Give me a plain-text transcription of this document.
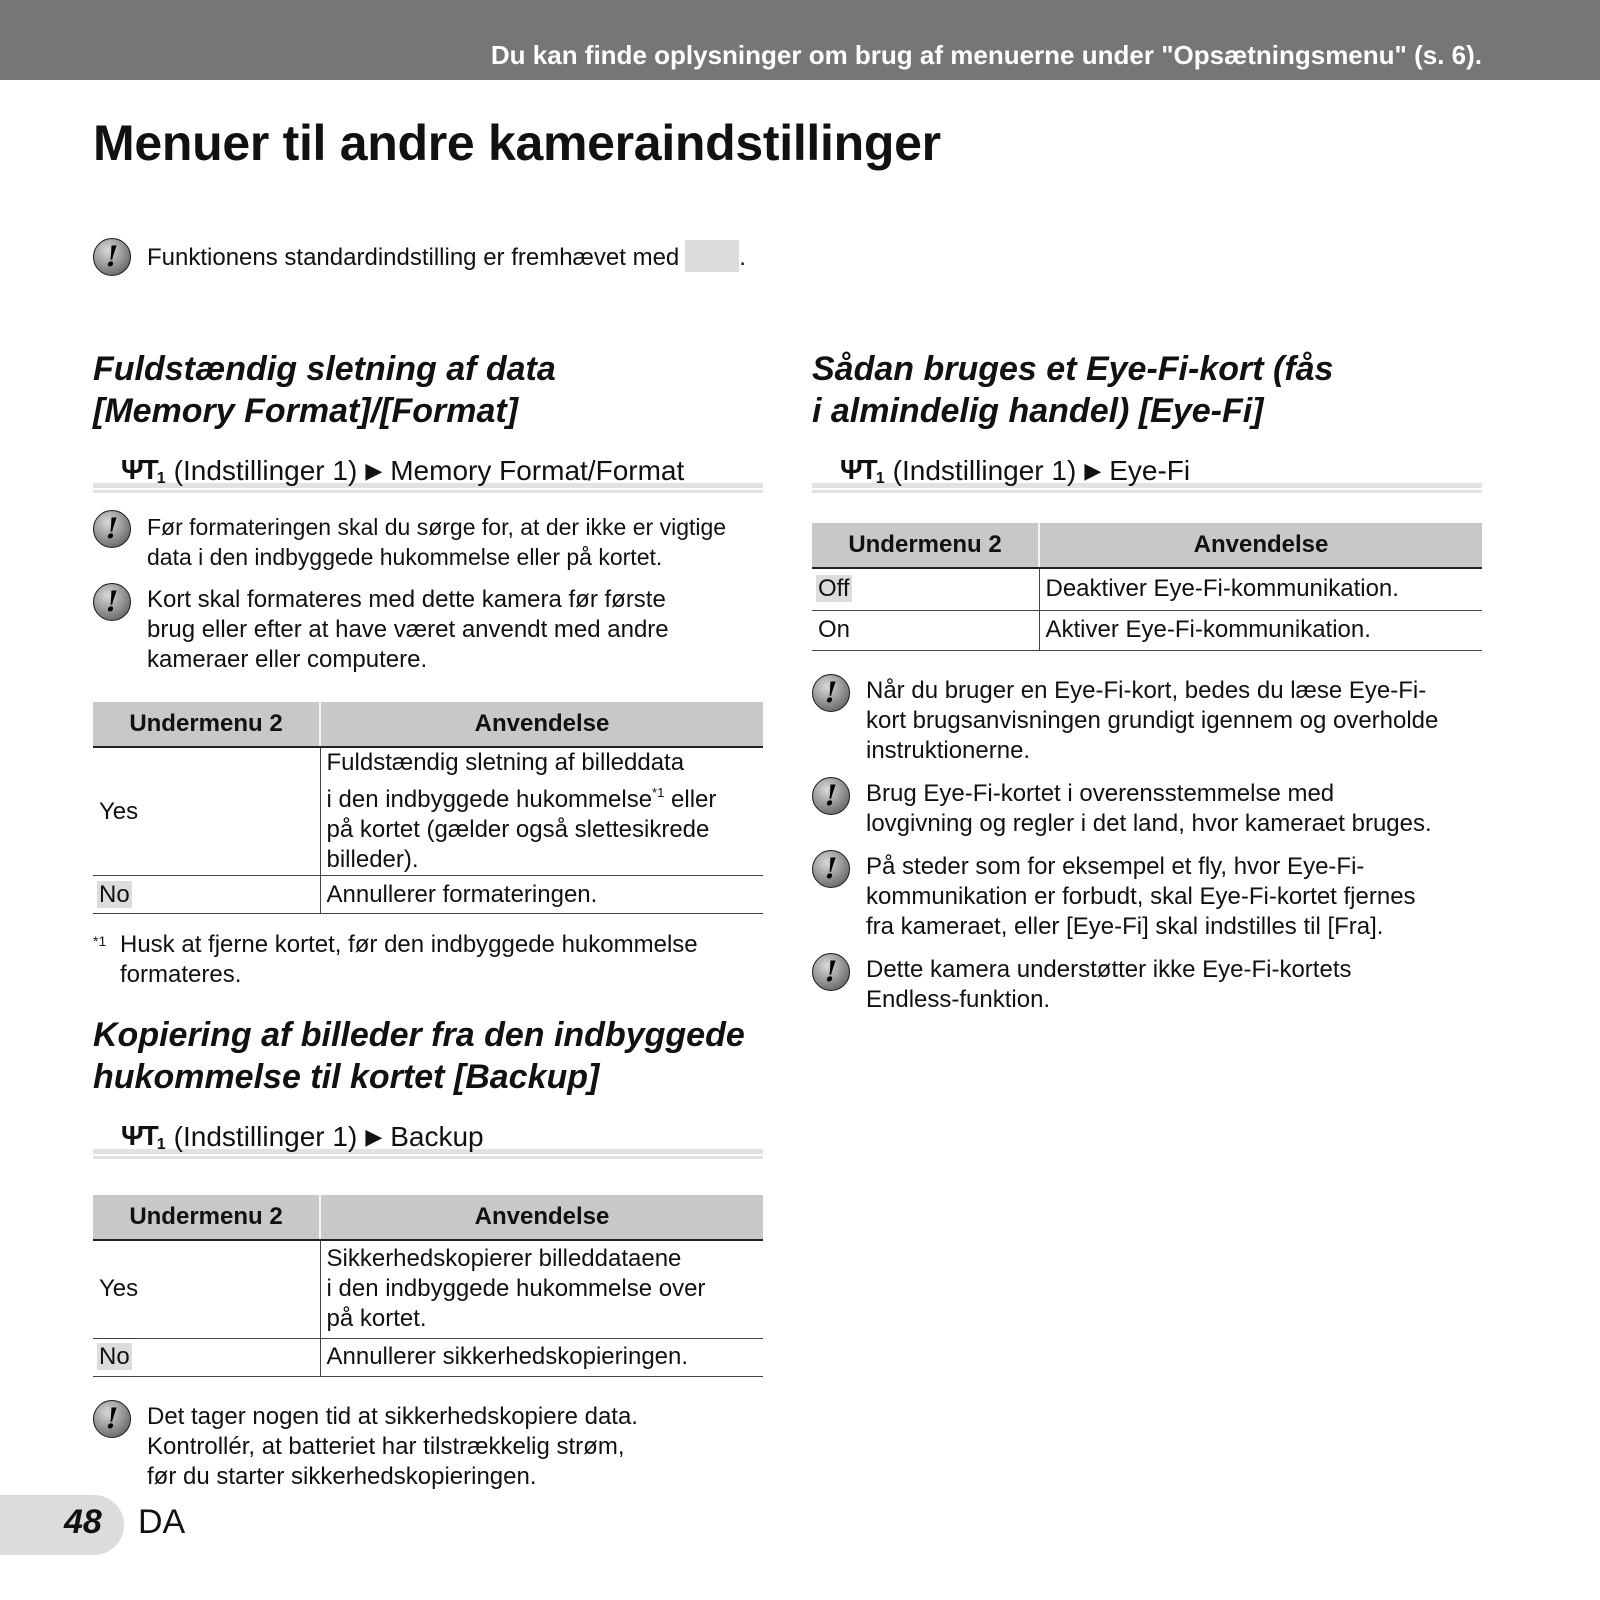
Du kan finde oplysninger om brug af menuerne under "Opsætningsmenu" (s. 6).
Menuer til andre kameraindstillinger
! Funktionens standardindstilling er fremhævet med	.
Fuldstændig sletning af data
[Memory Format]/[Format]
$\Psi T_1$ (Indstillinger 1) ▶ Memory Format/Format
! Før formateringen skal du sørge for, at der ikke er vigtige
data i den indbyggede hukommelse eller på kortet.
! Kort skal formateres med dette kamera før første
brug eller efter at have været anvendt med andre
kameraer eller computere.
Undermenu 2	Anvendelse
Yes	Fuldstændig sletning af billeddata
i den indbyggede hukommelse$^{*1}$ eller
på kortet (gælder også slettesikrede
billeder).

No	Annullerer formateringen.
*1 Husk at fjerne kortet, før den indbyggede hukommelse
formateres.
Kopiering af billeder fra den indbyggede
hukommelse til kortet [Backup]
$\Psi T_1$ (Indstillinger 1) ▶ Backup
Undermenu 2	Anvendelse
Yes	Sikkerhedskopierer billeddataene
i den indbyggede hukommelse over
på kortet.

No	Annullerer sikkerhedskopieringen.
! Det tager nogen tid at sikkerhedskopiere data.
Kontrollér, at batteriet har tilstrækkelig strøm,
før du starter sikkerhedskopieringen.
Sådan bruges et Eye-Fi-kort (fås
i almindelig handel) [Eye-Fi]
$\Psi T_1$ (Indstillinger 1) ▶ Eye-Fi
Undermenu 2	Anvendelse
Off	Deaktiver Eye-Fi-kommunikation.

On	Aktiver Eye-Fi-kommunikation.
! Når du bruger en Eye-Fi-kort, bedes du læse Eye-Fi-
kort brugsanvisningen grundigt igennem og overholde
instruktionerne.
! Brug Eye-Fi-kortet i overensstemmelse med
lovgivning og regler i det land, hvor kameraet bruges.
! På steder som for eksempel et fly, hvor Eye-Fi-
kommunikation er forbudt, skal Eye-Fi-kortet fjernes
fra kameraet, eller [Eye-Fi] skal indstilles til [Fra].
! Dette kamera understøtter ikke Eye-Fi-kortets
Endless-funktion.
48 DA
